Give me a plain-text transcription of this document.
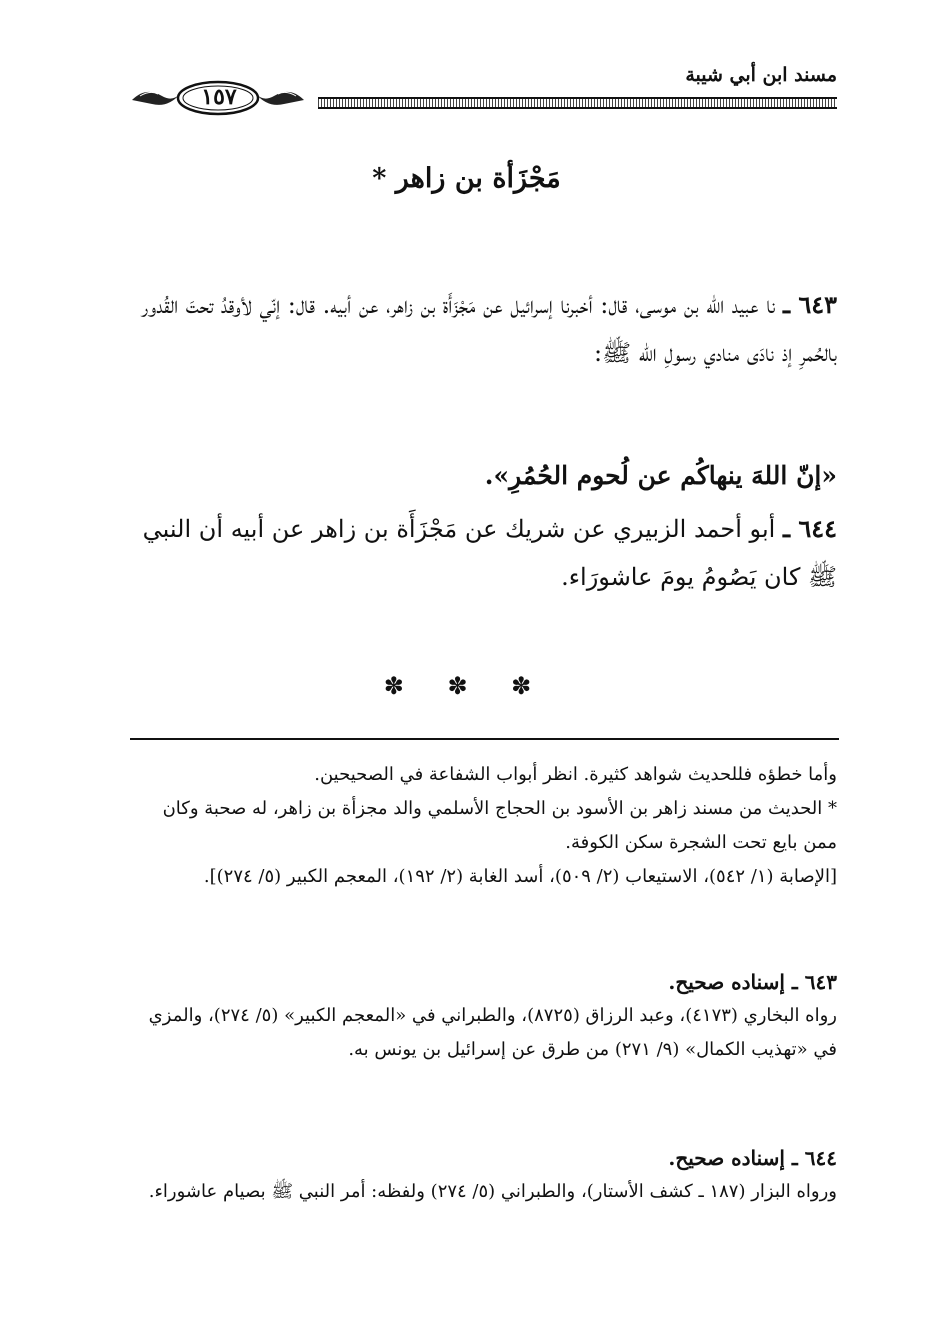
مسند ابن أبي شيبة
١٥٧
مَجْزَأة بن زاهر *
٦٤٣ ـ نا عبيد الله بن موسى، قال: أخبرنا إسرائيل عن مَجْزَأَة بن زاهر، عن أبيه. قال: إنّي لأوقدُ تحتَ القُدور بالحُمرِ إذ نادَى منادي رسولِ الله ﷺ:
«إنّ اللهَ ينهاكُم عن لُحوم الحُمُرِ».
٦٤٤ ـ أبو أحمد الزبيري عن شريك عن مَجْزَأَة بن زاهر عن أبيه أن النبي ﷺ كان يَصُومُ يومَ عاشورَاء.
✽ ✽ ✽
وأما خطؤه فللحديث شواهد كثيرة. انظر أبواب الشفاعة في الصحيحين.
* الحديث من مسند زاهر بن الأسود بن الحجاج الأسلمي والد مجزأة بن زاهر، له صحبة وكان ممن بايع تحت الشجرة سكن الكوفة.
[الإصابة (١/ ٥٤٢)، الاستيعاب (٢/ ٥٠٩)، أسد الغابة (٢/ ١٩٢)، المعجم الكبير (٥/ ٢٧٤)].
٦٤٣ ـ إسناده صحيح.
رواه البخاري (٤١٧٣)، وعبد الرزاق (٨٧٢٥)، والطبراني في «المعجم الكبير» (٥/ ٢٧٤)، والمزي في «تهذيب الكمال» (٩/ ٢٧١) من طرق عن إسرائيل بن يونس به.
٦٤٤ ـ إسناده صحيح.
ورواه البزار (١٨٧ ـ كشف الأستار)، والطبراني (٥/ ٢٧٤) ولفظه: أمر النبي ﷺ بصيام عاشوراء.
